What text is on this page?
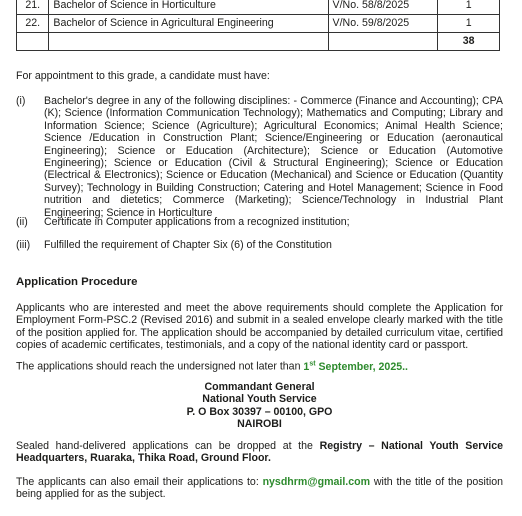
21.	Bachelor of Science in Horticulture	V/No. 58/8/2025	1
22.	Bachelor of Science in Agricultural Engineering	V/No. 59/8/2025	1
			38
For appointment to this grade, a candidate must have:
(i) Bachelor's degree in any of the following disciplines: - Commerce (Finance and Accounting); CPA (K); Science (Information Communication Technology); Mathematics and Computing; Library and Information Science; Science (Agriculture); Agricultural Economics; Animal Health Science; Science /Education in Construction Plant; Science/Engineering or Education (aeronautical Engineering); Science or Education (Architecture); Science or Education (Automotive Engineering); Science or Education (Civil & Structural Engineering); Science or Education (Electrical & Electronics); Science or Education (Mechanical) and Science or Education (Quantity Survey); Technology in Building Construction; Catering and Hotel Management; Science in Food nutrition and dietetics; Commerce (Marketing); Science/Technology in Industrial Plant Engineering; Science in Horticulture
(ii) Certificate in Computer applications from a recognized institution;
(iii) Fulfilled the requirement of Chapter Six (6) of the Constitution
Application Procedure
Applicants who are interested and meet the above requirements should complete the Application for Employment Form-PSC.2 (Revised 2016) and submit in a sealed envelope clearly marked with the title of the position applied for. The application should be accompanied by detailed curriculum vitae, certified copies of academic certificates, testimonials, and a copy of the national identity card or passport.
The applications should reach the undersigned not later than 1st September, 2025..
Commandant General
National Youth Service
P. O Box 30397 – 00100, GPO
NAIROBI
Sealed hand-delivered applications can be dropped at the Registry – National Youth Service Headquarters, Ruaraka, Thika Road, Ground Floor.
The applicants can also email their applications to: nysdhrm@gmail.com with the title of the position being applied for as the subject.
